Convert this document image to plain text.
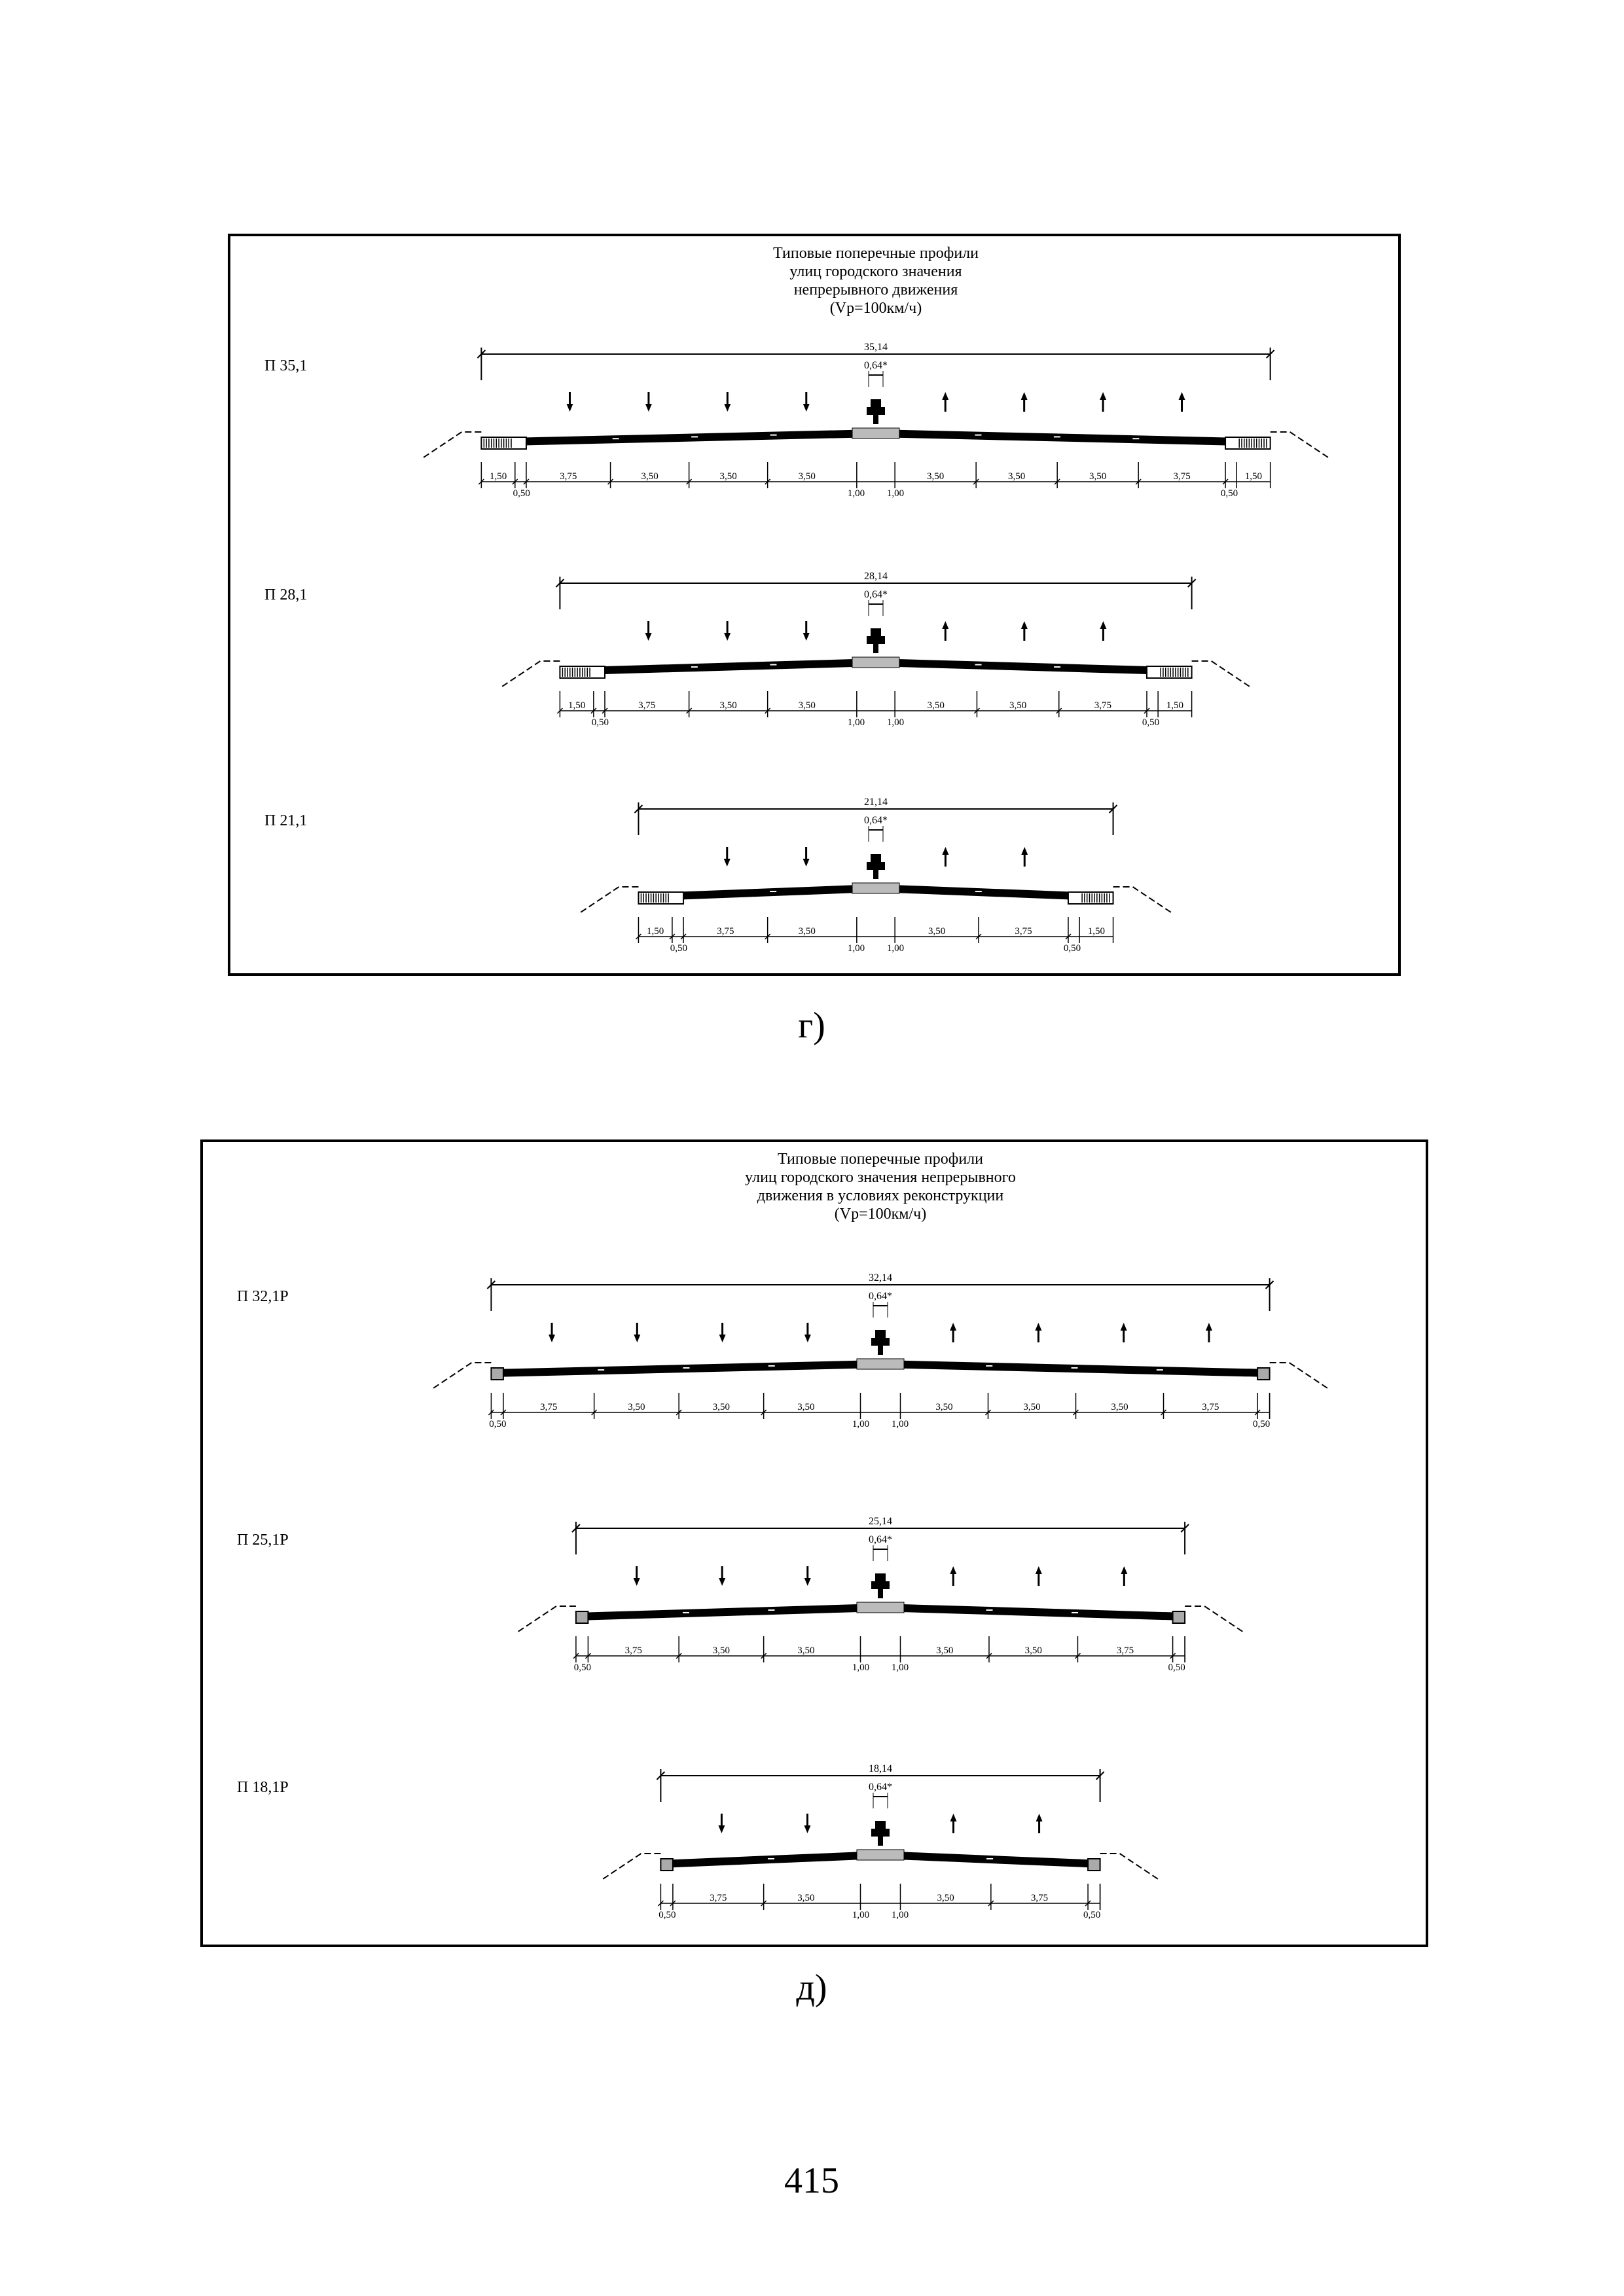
Типовые поперечные профили
улиц городского значения
непрерывного движения
(Vр=100км/ч)
П 35,1
35,14
0,64*
1,50
0,50
3,75	3,50	3,50	3,50
1,00 1,00
3,50	3,50	3,50	3,75
0,50
1,50
П 28,1
28,14
0,64*
1,50
0,50
3,75	3,50	3,50
1,00 1,00
3,50	3,50	3,75
0,50
1,50
П 21,1
21,14
0,64*
1,50
0,50
3,75	3,50
1,00 1,00
3,50	3,75
0,50
1,50
г)
Типовые поперечные профили
улиц городского значения непрерывного
движения в условиях реконструкции
(Vр=100км/ч)
П 32,1Р
32,14
0,64*
0,50
3,75	3,50	3,50	3,50
1,00 1,00
3,50	3,50	3,50	3,75
0,50
П 25,1Р
25,14
0,64*
0,50
3,75	3,50	3,50
1,00 1,00
3,50	3,50	3,75
0,50
П 18,1Р
18,14
0,64*
0,50
3,75	3,50
1,00 1,00
3,50	3,75
0,50
д)
415
